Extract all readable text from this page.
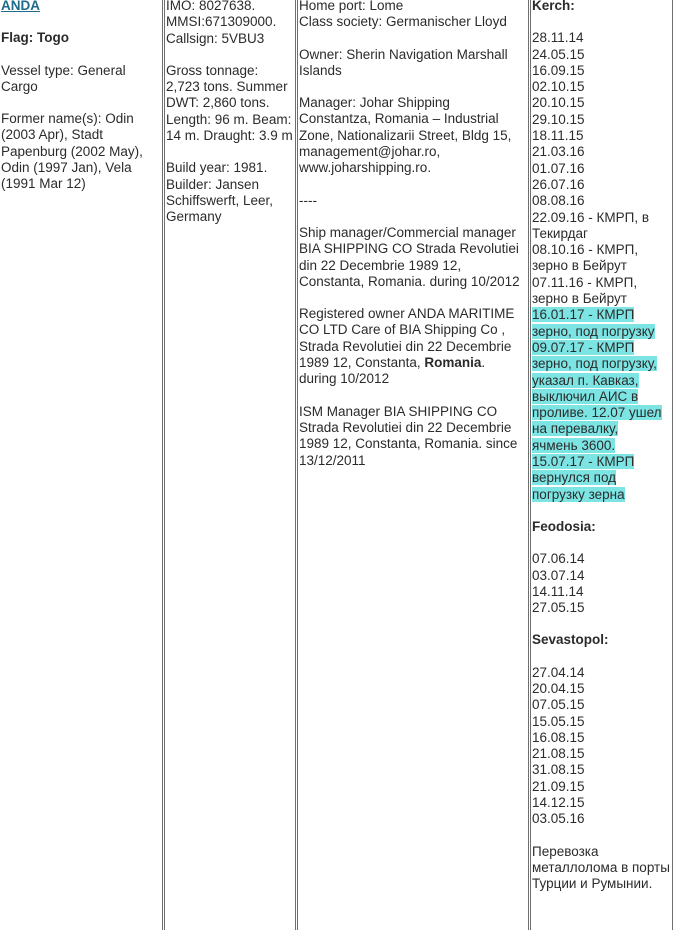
ANDA
Flag: Togo
Vessel type: General Cargo
Former name(s): Odin (2003 Apr), Stadt Papenburg (2002 May), Odin (1997 Jan), Vela (1991 Mar 12)
IMO: 8027638.
MMSI:671309000.
Callsign: 5VBU3
Gross tonnage: 2,723 tons. Summer DWT: 2,860 tons. Length: 96 m. Beam: 14 m. Draught: 3.9 m
Build year: 1981.
Builder: Jansen Schiffswerft, Leer, Germany
Home port: Lome
Class society: Germanischer Lloyd
Owner: Sherin Navigation Marshall Islands
Manager: Johar Shipping Constantza, Romania – Industrial Zone, Nationalizarii Street, Bldg 15, management@johar.ro, www.joharshipping.ro.
----
Ship manager/Commercial manager BIA SHIPPING CO Strada Revolutiei din 22 Decembrie 1989 12, Constanta, Romania. during 10/2012
Registered owner ANDA MARITIME CO LTD Care of BIA Shipping Co , Strada Revolutiei din 22 Decembrie 1989 12, Constanta, Romania. during 10/2012
ISM Manager BIA SHIPPING CO Strada Revolutiei din 22 Decembrie 1989 12, Constanta, Romania. since 13/12/2011
Kerch:
28.11.14
24.05.15
16.09.15
02.10.15
20.10.15
29.10.15
18.11.15
21.03.16
01.07.16
26.07.16
08.08.16
22.09.16 - КМРП, в Текирдаг
08.10.16 - КМРП, зерно в Бейрут
07.11.16 - КМРП, зерно в Бейрут
16.01.17 - КМРП
зерно, под погрузку

09.07.17 - КМРП
зерно, под погрузку,
указал п. Кавказ,
выключил АИС в
проливе. 12.07 ушел
на перевалку,
ячмень 3600.

15.07.17 - КМРП
вернулся под
погрузку зерна

Feodosia:
07.06.14
03.07.14
14.11.14
27.05.15
Sevastopol:
27.04.14
20.04.15
07.05.15
15.05.15
16.08.15
21.08.15
31.08.15
21.09.15
14.12.15
03.05.16
Перевозка металлолома в порты Турции и Румынии.
